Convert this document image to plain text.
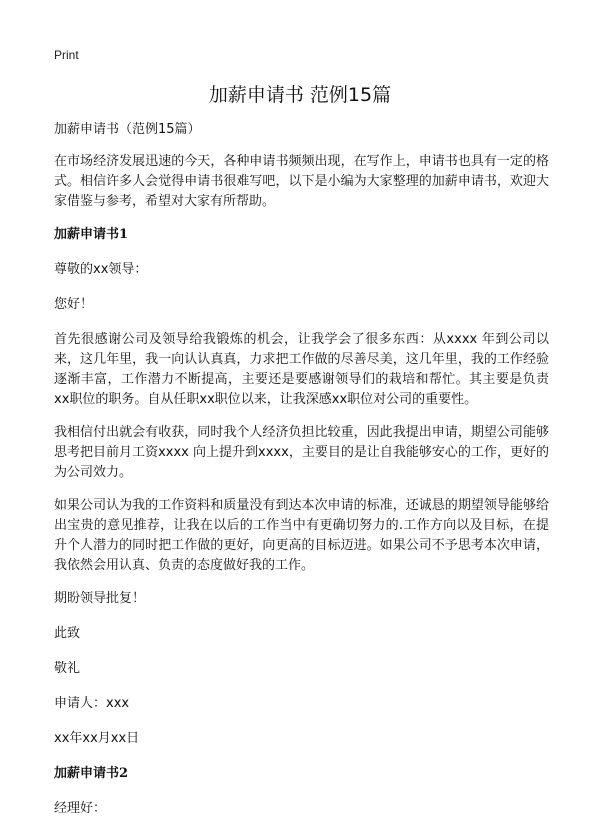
Print
加薪申请书 范例15篇

加薪申请书（范例15篇）

在市场经济发展迅速的今天，各种申请书频频出现，在写作上，申请书也具有一定的格式。相信许多人会觉得申请书很难写吧，以下是小编为大家整理的加薪申请书，欢迎大家借鉴与参考，希望对大家有所帮助。

加薪申请书1

尊敬的xx领导：

您好！

首先很感谢公司及领导给我锻炼的机会，让我学会了很多东西：从xxxx 年到公司以来，这几年里，我一向认认真真，力求把工作做的尽善尽美，这几年里，我的工作经验逐渐丰富，工作潜力不断提高，主要还是要感谢领导们的栽培和帮忙。其主要是负责xx职位的职务。自从任职xx职位以来，让我深感xx职位对公司的重要性。

我相信付出就会有收获，同时我个人经济负担比较重，因此我提出申请，期望公司能够思考把目前月工资xxxx 向上提升到xxxx，主要目的是让自我能够安心的工作，更好的为公司效力。

如果公司认为我的工作资料和质量没有到达本次申请的标准，还诚恳的期望领导能够给出宝贵的意见推荐，让我在以后的工作当中有更确切努力的.工作方向以及目标，在提升个人潜力的同时把工作做的更好，向更高的目标迈进。如果公司不予思考本次申请，我依然会用认真、负责的态度做好我的工作。

期盼领导批复！

此致

敬礼

申请人：xxx

xx年xx月xx日

加薪申请书2

经理好：
